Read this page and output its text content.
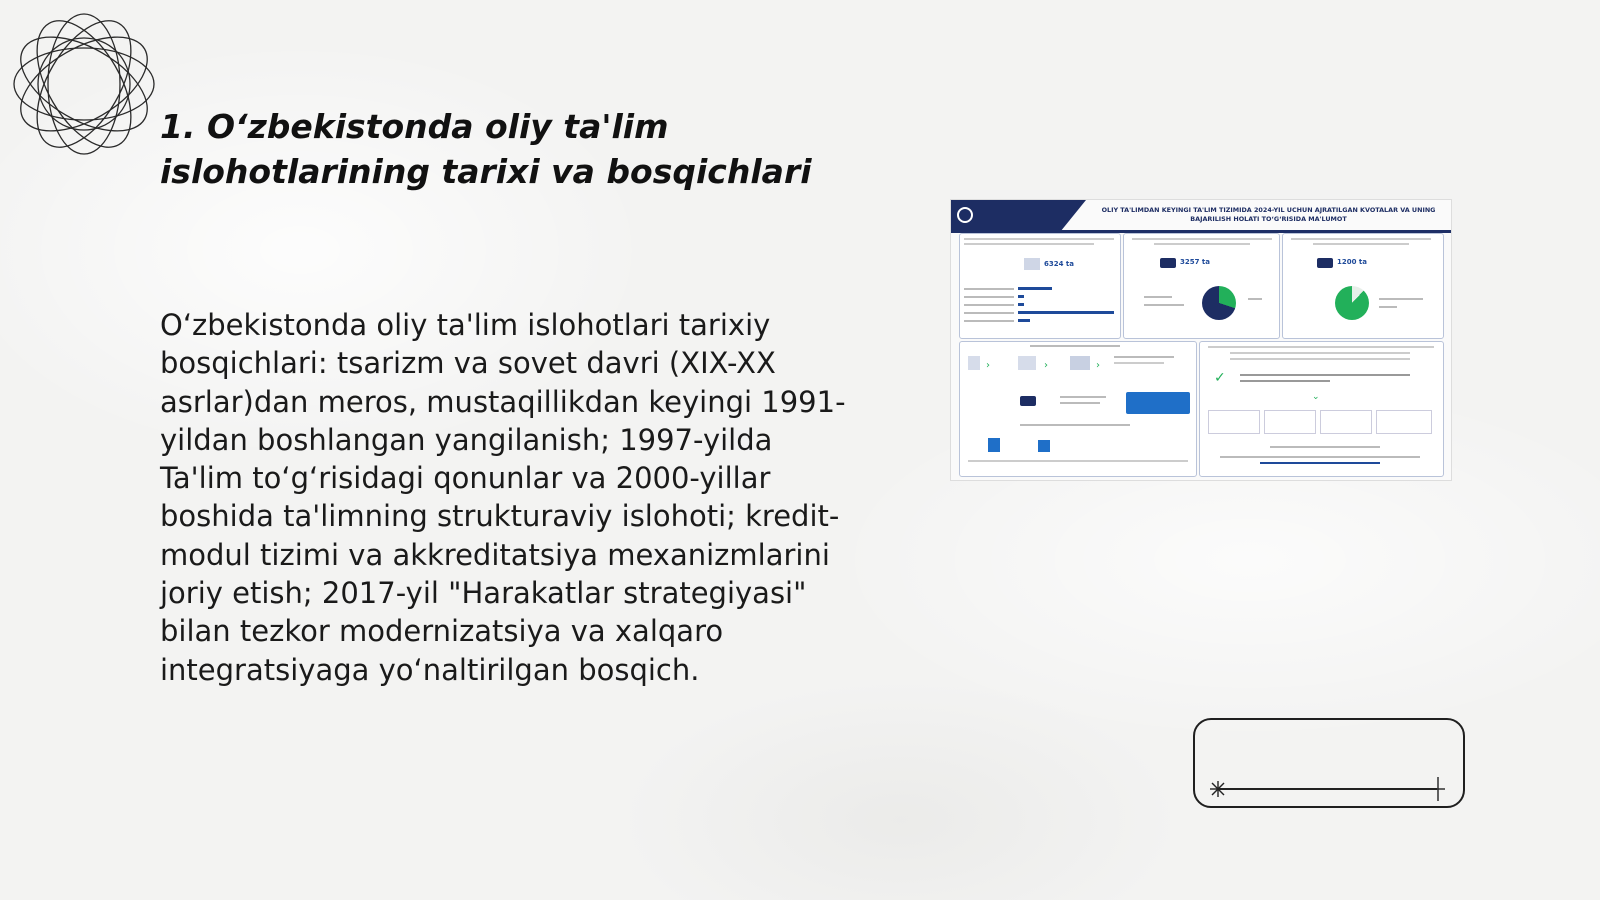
1. O‘zbekistonda oliy ta'lim islohotlarining tarixi va bosqichlari
O‘zbekistonda oliy ta'lim islohotlari tarixiy bosqichlari: tsarizm va sovet davri (XIX-XX asrlar)dan meros, mustaqillikdan keyingi 1991-yildan boshlangan yangilanish; 1997-yilda Ta'lim to‘g‘risidagi qonunlar va 2000-yillar boshida ta'limning strukturaviy islohoti; kredit-modul tizimi va akkreditatsiya mexanizmlarini joriy etish; 2017-yil "Harakatlar strategiyasi" bilan tezkor modernizatsiya va xalqaro integratsiyaga yo‘naltirilgan bosqich.
OLIY TA'LIMDAN KEYINGI TA'LIM TIZIMIDA 2024-YIL UCHUN AJRATILGAN KVOTALAR VA UNING BAJARILISH HOLATI TO‘G‘RISIDA MA'LUMOT
6324 ta	3257 ta	1200 ta
›	›	›
✓
⌄
